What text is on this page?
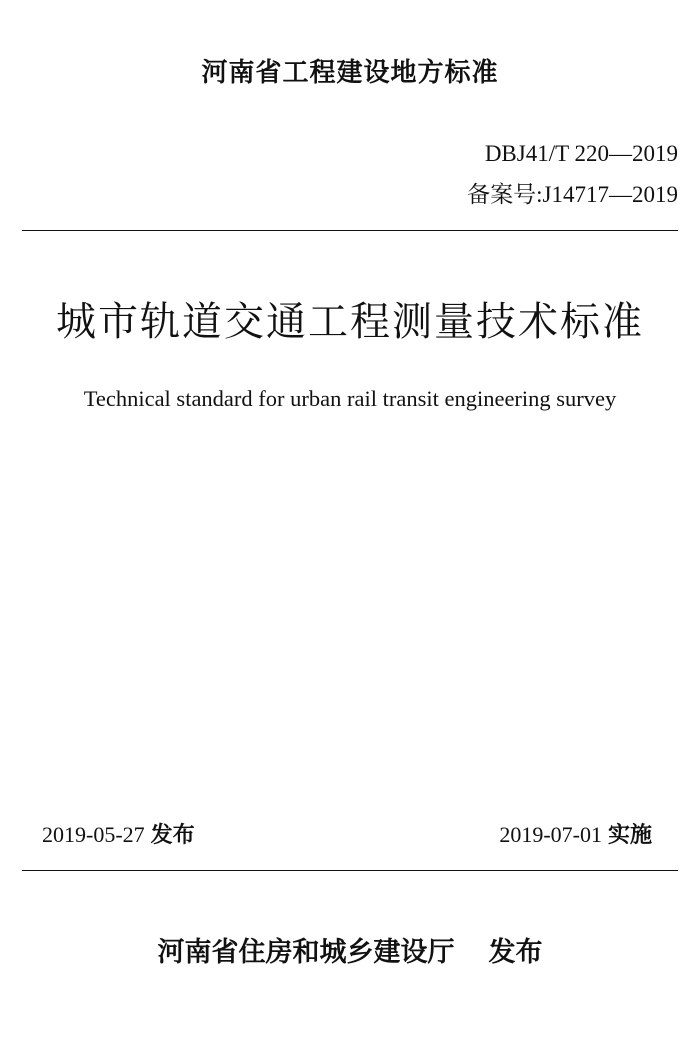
河南省工程建设地方标准
DBJ41/T 220—2019
备案号:J14717—2019
城市轨道交通工程测量技术标准
Technical standard for urban rail transit engineering survey
2019-05-27 发布	2019-07-01 实施
河南省住房和城乡建设厅 发布
